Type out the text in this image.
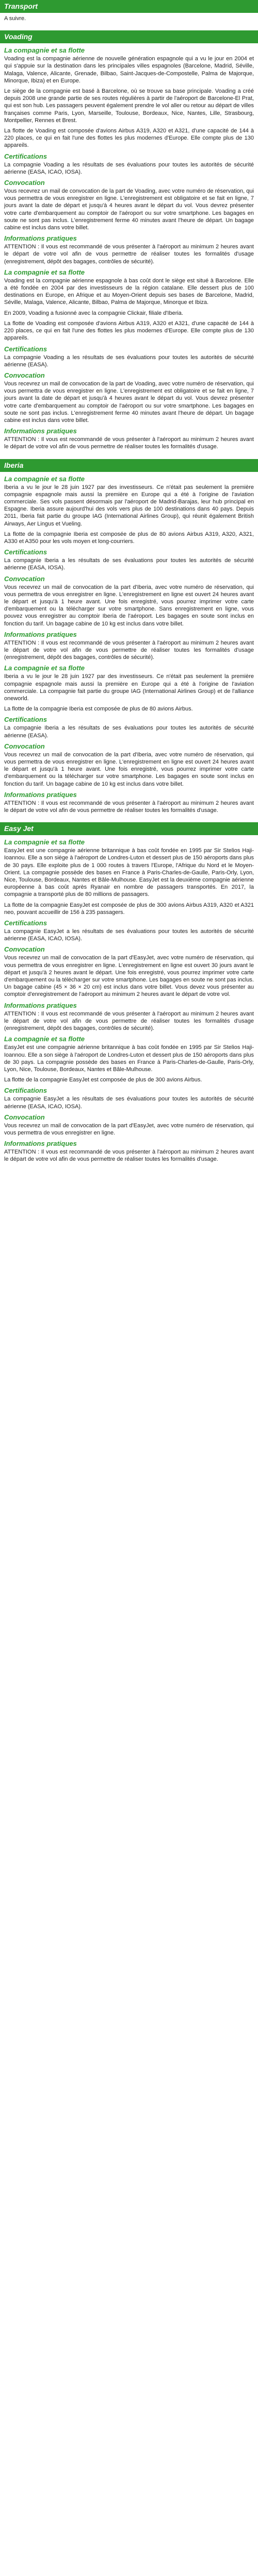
Transport

A suivre.

Voading
La compagnie et sa flotte

Voading est la compagnie aérienne de nouvelle génération espagnole qui a vu le jour en 2004 et qui s'appuie sur la destination dans les principales villes espagnoles (Barcelone, Madrid, Séville, Malaga, Valence, Alicante, Grenade, Bilbao, Saint-Jacques-de-Compostelle, Palma de Majorque, Minorque, Ibiza) et en Europe.

Le siège de la compagnie est basé à Barcelone, où se trouve sa base principale. Voading a créé depuis 2008 une grande partie de ses routes régulières à partir de l'aéroport de Barcelone-El Prat, qui est son hub. Les passagers peuvent également prendre le vol aller ou retour au départ de villes françaises comme Paris, Lyon, Marseille, Toulouse, Bordeaux, Nice, Nantes, Lille, Strasbourg, Montpellier, Rennes et Brest.

La flotte de Voading est composée d'avions Airbus A319, A320 et A321, d'une capacité de 144 à 220 places, ce qui en fait l'une des flottes les plus modernes d'Europe. Elle compte plus de 130 appareils.

Certifications

La compagnie Voading a les résultats de ses évaluations pour toutes les autorités de sécurité aérienne (EASA, ICAO, IOSA).

Convocation

Vous recevrez un mail de convocation de la part de Voading, avec votre numéro de réservation, qui vous permettra de vous enregistrer en ligne. L'enregistrement est obligatoire et se fait en ligne, 7 jours avant la date de départ et jusqu'à 4 heures avant le départ du vol. Vous devrez présenter votre carte d'embarquement au comptoir de l'aéroport ou sur votre smartphone. Les bagages en soute ne sont pas inclus. L'enregistrement ferme 40 minutes avant l'heure de départ. Un bagage cabine est inclus dans votre billet.

Informations pratiques

ATTENTION : Il vous est recommandé de vous présenter à l'aéroport au minimum 2 heures avant le départ de votre vol afin de vous permettre de réaliser toutes les formalités d'usage (enregistrement, dépôt des bagages, contrôles de sécurité).

La compagnie et sa flotte

Voading est la compagnie aérienne espagnole à bas coût dont le siège est situé à Barcelone. Elle a été fondée en 2004 par des investisseurs de la région catalane. Elle dessert plus de 100 destinations en Europe, en Afrique et au Moyen-Orient depuis ses bases de Barcelone, Madrid, Séville, Malaga, Valence, Alicante, Bilbao, Palma de Majorque, Minorque et Ibiza.

En 2009, Voading a fusionné avec la compagnie Clickair, filiale d'Iberia.

La flotte de Voading est composée d'avions Airbus A319, A320 et A321, d'une capacité de 144 à 220 places, ce qui en fait l'une des flottes les plus modernes d'Europe. Elle compte plus de 130 appareils.

Certifications

La compagnie Voading a les résultats de ses évaluations pour toutes les autorités de sécurité aérienne (EASA).

Convocation

Vous recevrez un mail de convocation de la part de Voading, avec votre numéro de réservation, qui vous permettra de vous enregistrer en ligne. L'enregistrement est obligatoire et se fait en ligne, 7 jours avant la date de départ et jusqu'à 4 heures avant le départ du vol. Vous devrez présenter votre carte d'embarquement au comptoir de l'aéroport ou sur votre smartphone. Les bagages en soute ne sont pas inclus. L'enregistrement ferme 40 minutes avant l'heure de départ. Un bagage cabine est inclus dans votre billet.

Informations pratiques

ATTENTION : Il vous est recommandé de vous présenter à l'aéroport au minimum 2 heures avant le départ de votre vol afin de vous permettre de réaliser toutes les formalités d'usage.

Iberia
La compagnie et sa flotte

Iberia a vu le jour le 28 juin 1927 par des investisseurs. Ce n'était pas seulement la première compagnie espagnole mais aussi la première en Europe qui a été à l'origine de l'aviation commerciale. Ses vols passent désormais par l'aéroport de Madrid-Barajas, leur hub principal en Espagne. Iberia assure aujourd'hui des vols vers plus de 100 destinations dans 40 pays. Depuis 2011, Iberia fait partie du groupe IAG (International Airlines Group), qui réunit également British Airways, Aer Lingus et Vueling.

La flotte de la compagnie Iberia est composée de plus de 80 avions Airbus A319, A320, A321, A330 et A350 pour les vols moyen et long-courriers.

Certifications

La compagnie Iberia a les résultats de ses évaluations pour toutes les autorités de sécurité aérienne (EASA, IOSA).

Convocation

Vous recevrez un mail de convocation de la part d'Iberia, avec votre numéro de réservation, qui vous permettra de vous enregistrer en ligne. L'enregistrement en ligne est ouvert 24 heures avant le départ et jusqu'à 1 heure avant. Une fois enregistré, vous pourrez imprimer votre carte d'embarquement ou la télécharger sur votre smartphone. Sans enregistrement en ligne, vous pouvez vous enregistrer au comptoir Iberia de l'aéroport. Les bagages en soute sont inclus en fonction du tarif. Un bagage cabine de 10 kg est inclus dans votre billet.

Informations pratiques

ATTENTION : Il vous est recommandé de vous présenter à l'aéroport au minimum 2 heures avant le départ de votre vol afin de vous permettre de réaliser toutes les formalités d'usage (enregistrement, dépôt des bagages, contrôles de sécurité).

La compagnie et sa flotte

Iberia a vu le jour le 28 juin 1927 par des investisseurs. Ce n'était pas seulement la première compagnie espagnole mais aussi la première en Europe qui a été à l'origine de l'aviation commerciale. La compagnie fait partie du groupe IAG (International Airlines Group) et de l'alliance oneworld.

La flotte de la compagnie Iberia est composée de plus de 80 avions Airbus.

Certifications

La compagnie Iberia a les résultats de ses évaluations pour toutes les autorités de sécurité aérienne (EASA).

Convocation

Vous recevrez un mail de convocation de la part d'Iberia, avec votre numéro de réservation, qui vous permettra de vous enregistrer en ligne. L'enregistrement en ligne est ouvert 24 heures avant le départ et jusqu'à 1 heure avant. Une fois enregistré, vous pourrez imprimer votre carte d'embarquement ou la télécharger sur votre smartphone. Les bagages en soute sont inclus en fonction du tarif. Un bagage cabine de 10 kg est inclus dans votre billet.

Informations pratiques

ATTENTION : Il vous est recommandé de vous présenter à l'aéroport au minimum 2 heures avant le départ de votre vol afin de vous permettre de réaliser toutes les formalités d'usage.

Easy Jet
La compagnie et sa flotte

EasyJet est une compagnie aérienne britannique à bas coût fondée en 1995 par Sir Stelios Haji-Ioannou. Elle a son siège à l'aéroport de Londres-Luton et dessert plus de 150 aéroports dans plus de 30 pays. Elle exploite plus de 1 000 routes à travers l'Europe, l'Afrique du Nord et le Moyen-Orient. La compagnie possède des bases en France à Paris-Charles-de-Gaulle, Paris-Orly, Lyon, Nice, Toulouse, Bordeaux, Nantes et Bâle-Mulhouse. EasyJet est la deuxième compagnie aérienne européenne à bas coût après Ryanair en nombre de passagers transportés. En 2017, la compagnie a transporté plus de 80 millions de passagers.

La flotte de la compagnie EasyJet est composée de plus de 300 avions Airbus A319, A320 et A321 neo, pouvant accueillir de 156 à 235 passagers.

Certifications

La compagnie EasyJet a les résultats de ses évaluations pour toutes les autorités de sécurité aérienne (EASA, ICAO, IOSA).

Convocation

Vous recevrez un mail de convocation de la part d'EasyJet, avec votre numéro de réservation, qui vous permettra de vous enregistrer en ligne. L'enregistrement en ligne est ouvert 30 jours avant le départ et jusqu'à 2 heures avant le départ. Une fois enregistré, vous pourrez imprimer votre carte d'embarquement ou la télécharger sur votre smartphone. Les bagages en soute ne sont pas inclus. Un bagage cabine (45 × 36 × 20 cm) est inclus dans votre billet. Vous devez vous présenter au comptoir d'enregistrement de l'aéroport au minimum 2 heures avant le départ de votre vol.

Informations pratiques

ATTENTION : Il vous est recommandé de vous présenter à l'aéroport au minimum 2 heures avant le départ de votre vol afin de vous permettre de réaliser toutes les formalités d'usage (enregistrement, dépôt des bagages, contrôles de sécurité).

La compagnie et sa flotte

EasyJet est une compagnie aérienne britannique à bas coût fondée en 1995 par Sir Stelios Haji-Ioannou. Elle a son siège à l'aéroport de Londres-Luton et dessert plus de 150 aéroports dans plus de 30 pays. La compagnie possède des bases en France à Paris-Charles-de-Gaulle, Paris-Orly, Lyon, Nice, Toulouse, Bordeaux, Nantes et Bâle-Mulhouse.

La flotte de la compagnie EasyJet est composée de plus de 300 avions Airbus.

Certifications

La compagnie EasyJet a les résultats de ses évaluations pour toutes les autorités de sécurité aérienne (EASA, ICAO, IOSA).

Convocation

Vous recevrez un mail de convocation de la part d'EasyJet, avec votre numéro de réservation, qui vous permettra de vous enregistrer en ligne.

Informations pratiques

ATTENTION : Il vous est recommandé de vous présenter à l'aéroport au minimum 2 heures avant le départ de votre vol afin de vous permettre de réaliser toutes les formalités d'usage.
